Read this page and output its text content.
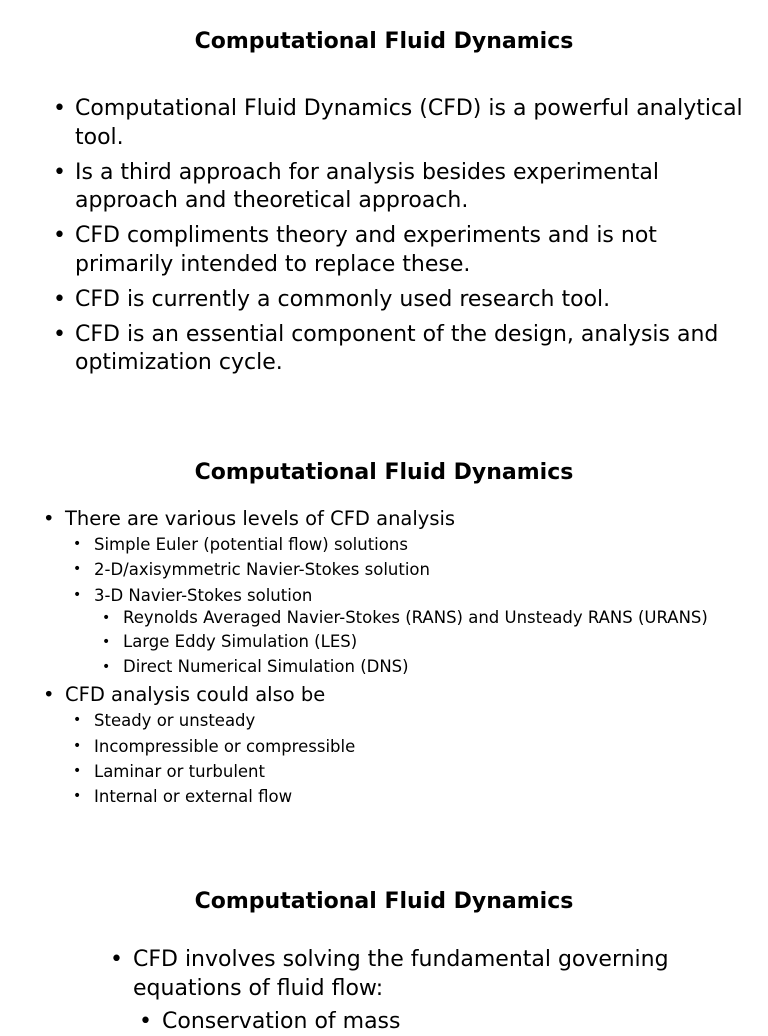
Computational Fluid Dynamics
• Computational Fluid Dynamics (CFD) is a powerful analytical tool.
• Is a third approach for analysis besides experimental approach and theoretical approach.
• CFD compliments theory and experiments and is not primarily intended to replace these.
• CFD is currently a commonly used research tool.
• CFD is an essential component of the design, analysis and optimization cycle.
Computational Fluid Dynamics
• There are various levels of CFD analysis
• Simple Euler (potential flow) solutions
• 2-D/axisymmetric Navier-Stokes solution
• 3-D Navier-Stokes solution
• Reynolds Averaged Navier-Stokes (RANS) and Unsteady RANS (URANS)
• Large Eddy Simulation (LES)
• Direct Numerical Simulation (DNS)
• CFD analysis could also be
• Steady or unsteady
• Incompressible or compressible
• Laminar or turbulent
• Internal or external flow
Computational Fluid Dynamics
• CFD involves solving the fundamental governing equations of fluid flow:
• Conservation of mass
